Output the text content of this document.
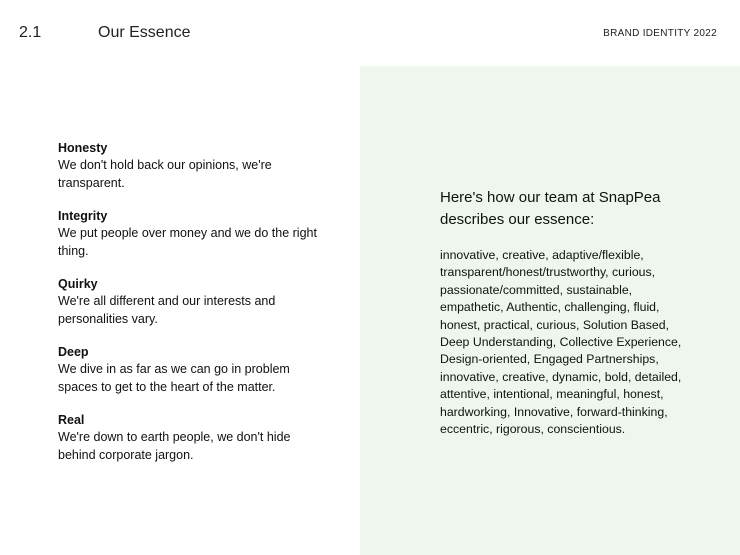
2.1	Our Essence	BRAND IDENTITY 2022
Honesty
We don't hold back our opinions, we're transparent.
Integrity
We put people over money and we do the right thing.
Quirky
We're all different and our interests and personalities vary.
Deep
We dive in as far as we can go in problem spaces to get to the heart of the matter.
Real
We're down to earth people, we don't hide behind corporate jargon.
Here's how our team at SnapPea describes our essence:
innovative, creative, adaptive/flexible, transparent/honest/trustworthy, curious, passionate/committed, sustainable, empathetic, Authentic, challenging, fluid, honest, practical, curious, Solution Based, Deep Understanding, Collective Experience, Design-oriented, Engaged Partnerships, innovative, creative, dynamic, bold, detailed, attentive, intentional, meaningful, honest, hardworking, Innovative, forward-thinking, eccentric, rigorous, conscientious.
